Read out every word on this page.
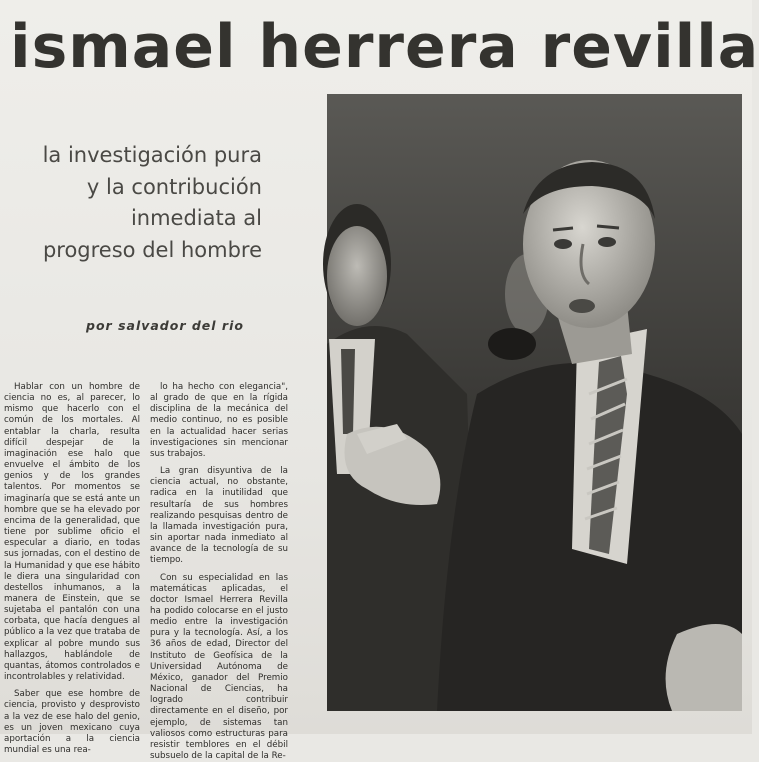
ismael herrera revilla
la investigación pura
y la contribución
inmediata al
progreso del hombre
por salvador del rio

Hablar con un hombre de ciencia no es, al parecer, lo mismo que hacerlo con el común de los mortales. Al entablar la charla, resulta difícil despejar de la imaginación ese halo que envuelve el ámbito de los genios y de los grandes talentos. Por momentos se imaginaría que se está ante un hombre que se ha elevado por encima de la generalidad, que tiene por sublime oficio el especular a diario, en todas sus jornadas, con el destino de la Humanidad y que ese hábito le diera una singularidad con destellos inhumanos, a la manera de Einstein, que se sujetaba el pantalón con una corbata, que hacía dengues al público a la vez que trataba de explicar al pobre mundo sus hallazgos, hablándole de quantas, átomos controlados e incontrolables y relatividad.

Saber que ese hombre de ciencia, provisto y desprovisto a la vez de ese halo del genio, es un joven mexicano cuya aportación a la ciencia mundial es una rea-

lo ha hecho con elegancia", al grado de que en la rígida disciplina de la mecánica del medio continuo, no es posible en la actualidad hacer serias investigaciones sin mencionar sus trabajos.

La gran disyuntiva de la ciencia actual, no obstante, radica en la inutilidad que resultaría de sus hombres realizando pesquisas dentro de la llamada investigación pura, sin aportar nada inmediato al avance de la tecnología de su tiempo.

Con su especialidad en las matemáticas aplicadas, el doctor Ismael Herrera Revilla ha podido colocarse en el justo medio entre la investigación pura y la tecnología. Así, a los 36 años de edad, Director del Instituto de Geofísica de la Universidad Autónoma de México, ganador del Premio Nacional de Ciencias, ha logrado contribuir directamente en el diseño, por ejemplo, de sistemas tan valiosos como estructuras para resistir temblores en el débil subsuelo de la capital de la Re-
